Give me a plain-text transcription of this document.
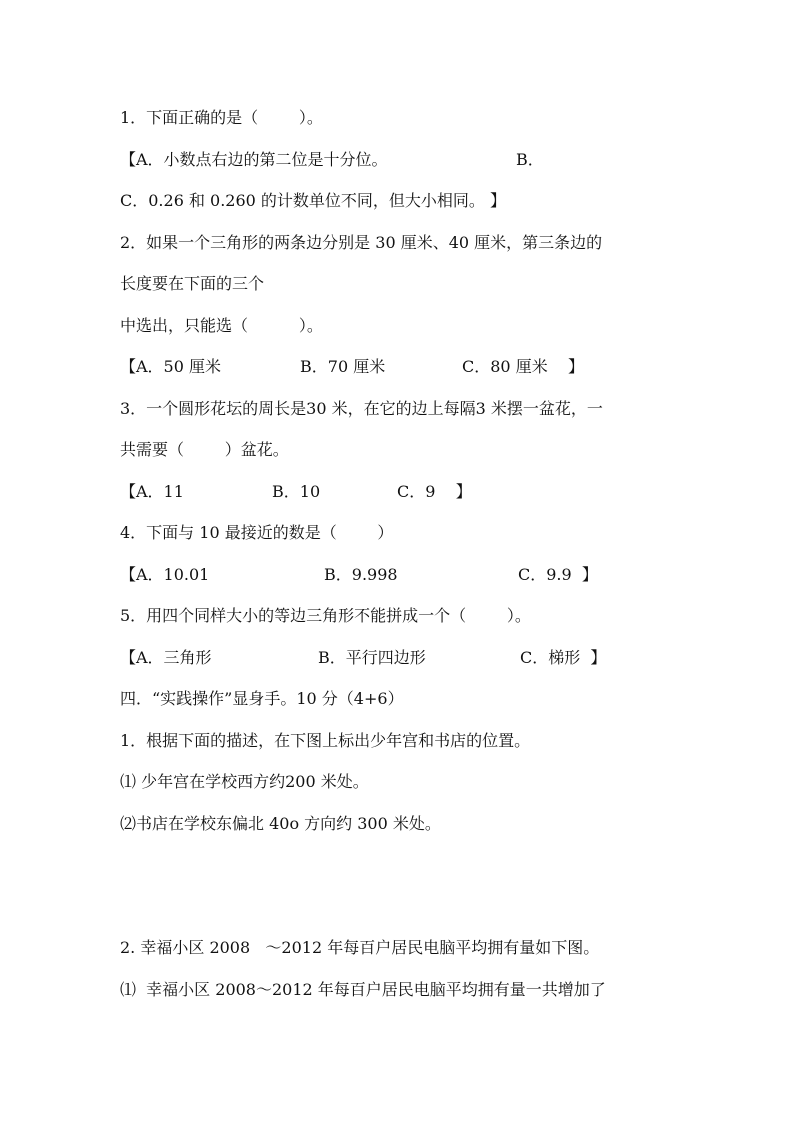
1．下面正确的是（        ）。
【A．小数点右边的第二位是十分位。	B．
C．0.26 和 0.260 的计数单位不同，但大小相同。 】
2．如果一个三角形的两条边分别是 30 厘米、40 厘米，第三条边的
长度要在下面的三个
中选出，只能选（          ）。
【A．50 厘米	B．70 厘米	C．80 厘米    】
3．一个圆形花坛的周长是30 米，在它的边上每隔3 米摆一盆花，一
共需要（        ）盆花。
【A．11	B．10	C．9    】
4．下面与 10 最接近的数是（        ）
【A．10.01	B．9.998	C．9.9  】
5．用四个同样大小的等边三角形不能拼成一个（        ）。
【A．三角形	B．平行四边形	C．梯形  】
四．“实践操作”显身手。10 分（4+6）
1．根据下面的描述，在下图上标出少年宫和书店的位置。
⑴ 少年宫在学校西方约200 米处。
⑵书店在学校东偏北 40o 方向约 300 米处。
2. 幸福小区 2008   ～2012 年每百户居民电脑平均拥有量如下图。
⑴  幸福小区 2008～2012 年每百户居民电脑平均拥有量一共增加了
